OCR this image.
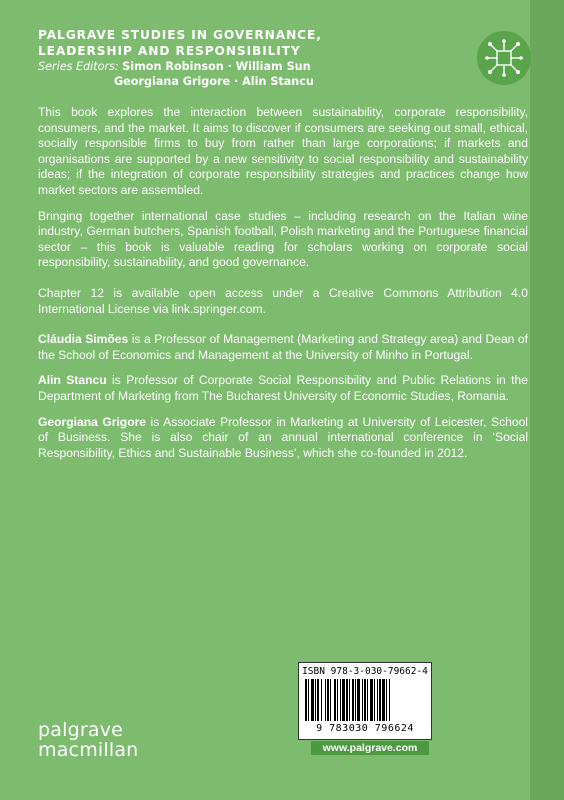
PALGRAVE STUDIES IN GOVERNANCE,
LEADERSHIP AND RESPONSIBILITY
Series Editors: Simon Robinson · William Sun
Georgiana Grigore · Alin Stancu

This book explores the interaction between sustainability, corporate responsibility, consumers, and the market. It aims to discover if consumers are seeking out small, ethical, socially responsible firms to buy from rather than large corporations; if markets and organisations are supported by a new sensitivity to social responsibility and sustainability ideas; if the integration of corporate responsibility strategies and practices change how market sectors are assembled.

Bringing together international case studies – including research on the Italian wine industry, German butchers, Spanish football, Polish marketing and the Portuguese financial sector – this book is valuable reading for scholars working on corporate social responsibility, sustainability, and good governance.

Chapter 12 is available open access under a Creative Commons Attribution 4.0 International License via link.springer.com.

Cláudia Simões is a Professor of Management (Marketing and Strategy area) and Dean of the School of Economics and Management at the University of Minho in Portugal.

Alin Stancu is Professor of Corporate Social Responsibility and Public Relations in the Department of Marketing from The Bucharest University of Economic Studies, Romania.

Georgiana Grigore is Associate Professor in Marketing at University of Leicester, School of Business. She is also chair of an annual international conference in ‘Social Responsibility, Ethics and Sustainable Business’, which she co-founded in 2012.

palgrave
macmillan
ISBN 978-3-030-79662-4
9 783030 796624
www.palgrave.com
